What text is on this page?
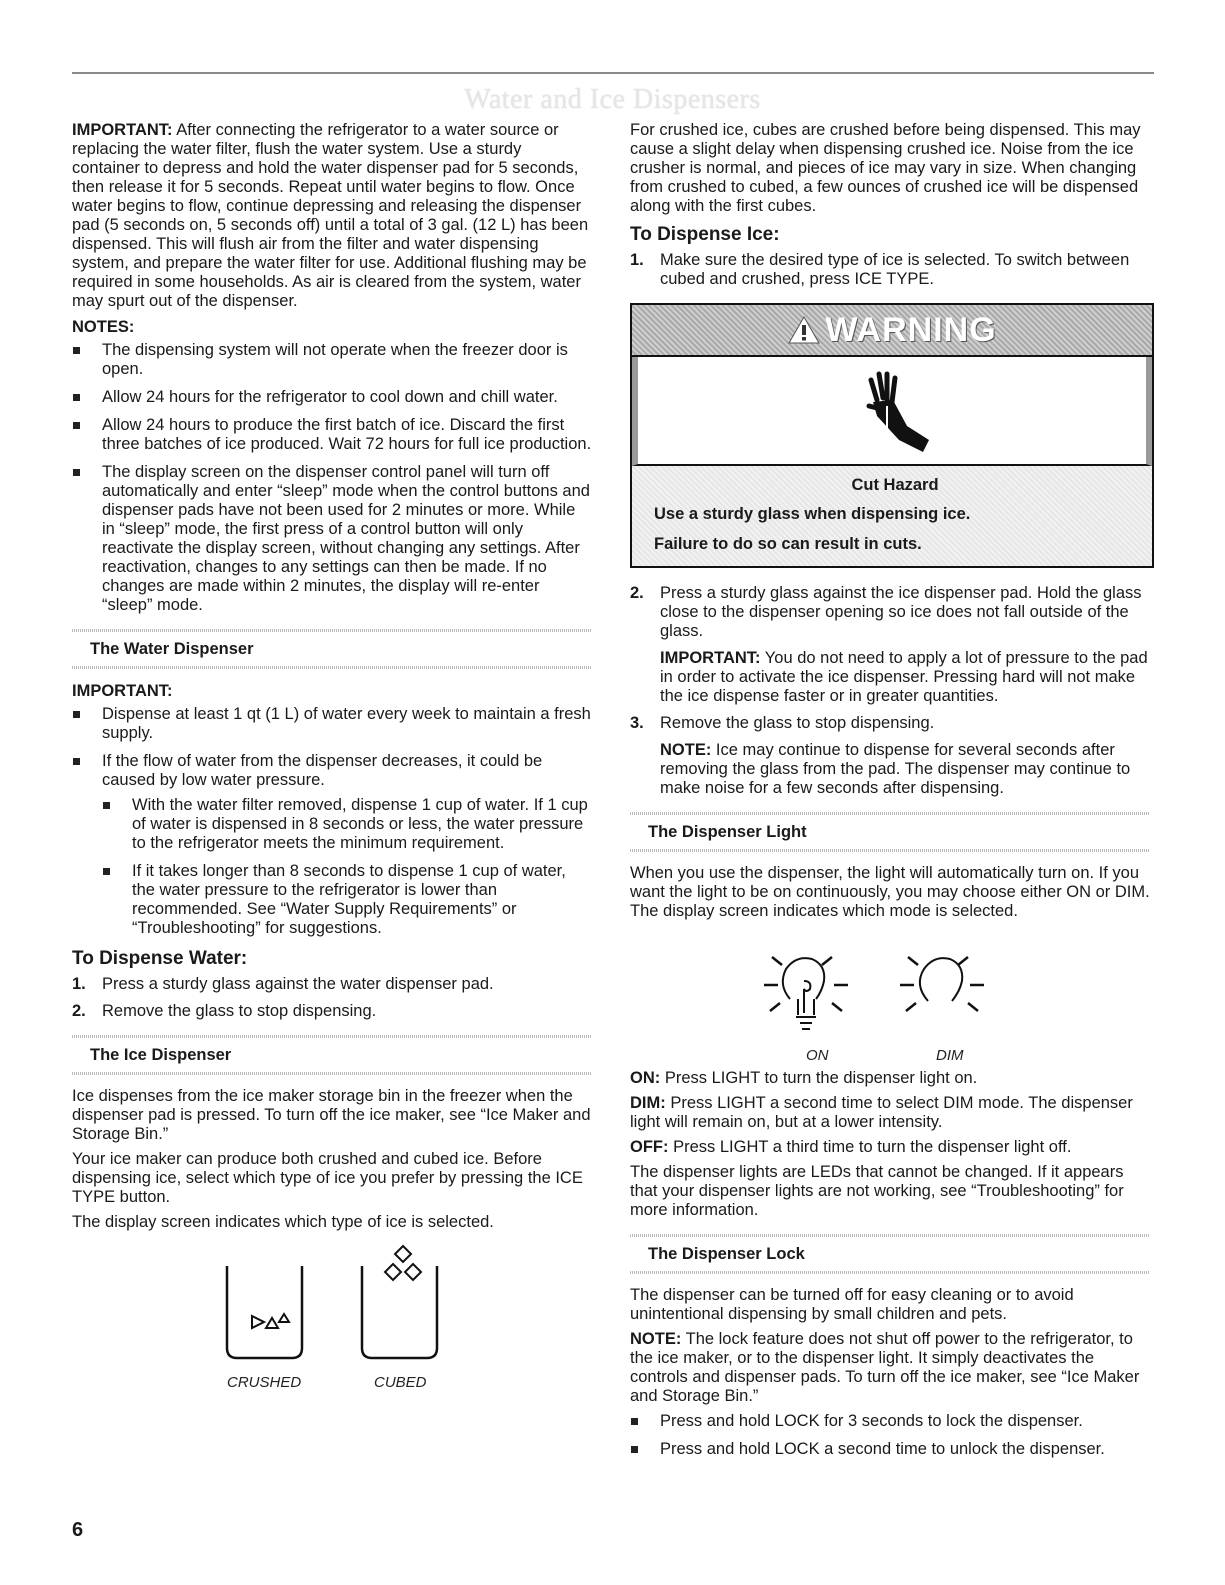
Water and Ice Dispensers

IMPORTANT: After connecting the refrigerator to a water source or replacing the water filter, flush the water system. Use a sturdy container to depress and hold the water dispenser pad for 5 seconds, then release it for 5 seconds. Repeat until water begins to flow. Once water begins to flow, continue depressing and releasing the dispenser pad (5 seconds on, 5 seconds off) until a total of 3 gal. (12 L) has been dispensed. This will flush air from the filter and water dispensing system, and prepare the water filter for use. Additional flushing may be required in some households. As air is cleared from the system, water may spurt out of the dispenser.

NOTES:
The dispensing system will not operate when the freezer door is open.
Allow 24 hours for the refrigerator to cool down and chill water.
Allow 24 hours to produce the first batch of ice. Discard the first three batches of ice produced. Wait 72 hours for full ice production.
The display screen on the dispenser control panel will turn off automatically and enter “sleep” mode when the control buttons and dispenser pads have not been used for 2 minutes or more. While in “sleep” mode, the first press of a control button will only reactivate the display screen, without changing any settings. After reactivation, changes to any settings can then be made. If no changes are made within 2 minutes, the display will re-enter “sleep” mode.
The Water Dispenser
IMPORTANT:
Dispense at least 1 qt (1 L) of water every week to maintain a fresh supply.
If the flow of water from the dispenser decreases, it could be caused by low water pressure.
With the water filter removed, dispense 1 cup of water. If 1 cup of water is dispensed in 8 seconds or less, the water pressure to the refrigerator meets the minimum requirement.
If it takes longer than 8 seconds to dispense 1 cup of water, the water pressure to the refrigerator is lower than recommended. See “Water Supply Requirements” or “Troubleshooting” for suggestions.
To Dispense Water:
1. Press a sturdy glass against the water dispenser pad.

2. Remove the glass to stop dispensing.

The Ice Dispenser

Ice dispenses from the ice maker storage bin in the freezer when the dispenser pad is pressed. To turn off the ice maker, see “Ice Maker and Storage Bin.”

Your ice maker can produce both crushed and cubed ice. Before dispensing ice, select which type of ice you prefer by pressing the ICE TYPE button.

The display screen indicates which type of ice is selected.

CRUSHED	CUBED

For crushed ice, cubes are crushed before being dispensed. This may cause a slight delay when dispensing crushed ice. Noise from the ice crusher is normal, and pieces of ice may vary in size. When changing from crushed to cubed, a few ounces of crushed ice will be dispensed along with the first cubes.

To Dispense Ice:
1. Make sure the desired type of ice is selected. To switch between cubed and crushed, press ICE TYPE.

WARNING
Cut Hazard
Use a sturdy glass when dispensing ice.
Failure to do so can result in cuts.
2. Press a sturdy glass against the ice dispenser pad. Hold the glass close to the dispenser opening so ice does not fall outside of the glass.

IMPORTANT: You do not need to apply a lot of pressure to the pad in order to activate the ice dispenser. Pressing hard will not make the ice dispense faster or in greater quantities.

3. Remove the glass to stop dispensing.

NOTE: Ice may continue to dispense for several seconds after removing the glass from the pad. The dispenser may continue to make noise for a few seconds after dispensing.

The Dispenser Light

When you use the dispenser, the light will automatically turn on. If you want the light to be on continuously, you may choose either ON or DIM. The display screen indicates which mode is selected.

ON	DIM

ON: Press LIGHT to turn the dispenser light on.

DIM: Press LIGHT a second time to select DIM mode. The dispenser light will remain on, but at a lower intensity.

OFF: Press LIGHT a third time to turn the dispenser light off.

The dispenser lights are LEDs that cannot be changed. If it appears that your dispenser lights are not working, see “Troubleshooting” for more information.

The Dispenser Lock

The dispenser can be turned off for easy cleaning or to avoid unintentional dispensing by small children and pets.

NOTE: The lock feature does not shut off power to the refrigerator, to the ice maker, or to the dispenser light. It simply deactivates the controls and dispenser pads. To turn off the ice maker, see “Ice Maker and Storage Bin.”

Press and hold LOCK for 3 seconds to lock the dispenser.
Press and hold LOCK a second time to unlock the dispenser.
6
